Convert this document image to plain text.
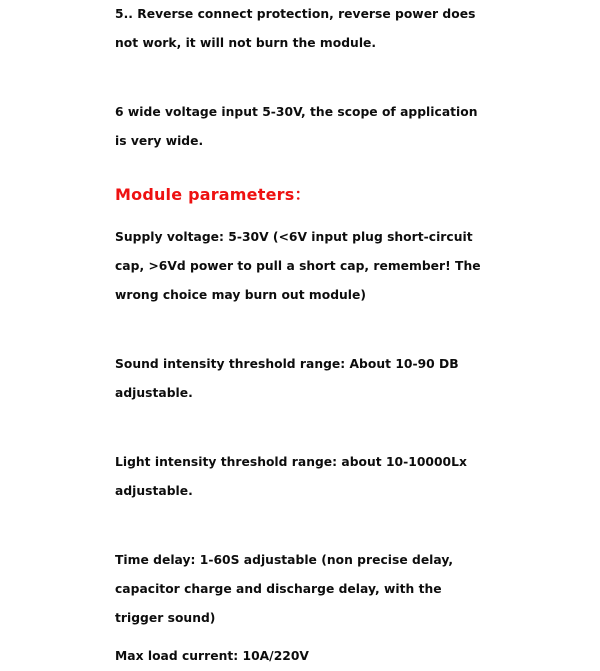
5.. Reverse connect protection, reverse power does not work, it will not burn the module.

6 wide voltage input 5-30V, the scope of application is very wide.

Module parameters：

Supply voltage: 5-30V (<6V input plug short-circuit cap, >6Vd power to pull a short cap, remember! The wrong choice may burn out module)

Sound intensity threshold range: About 10-90 DB adjustable.

Light intensity threshold range: about 10-10000Lx adjustable.

Time delay: 1-60S adjustable (non precise delay, capacitor charge and discharge delay, with the trigger sound)

Max load current: 10A/220V
